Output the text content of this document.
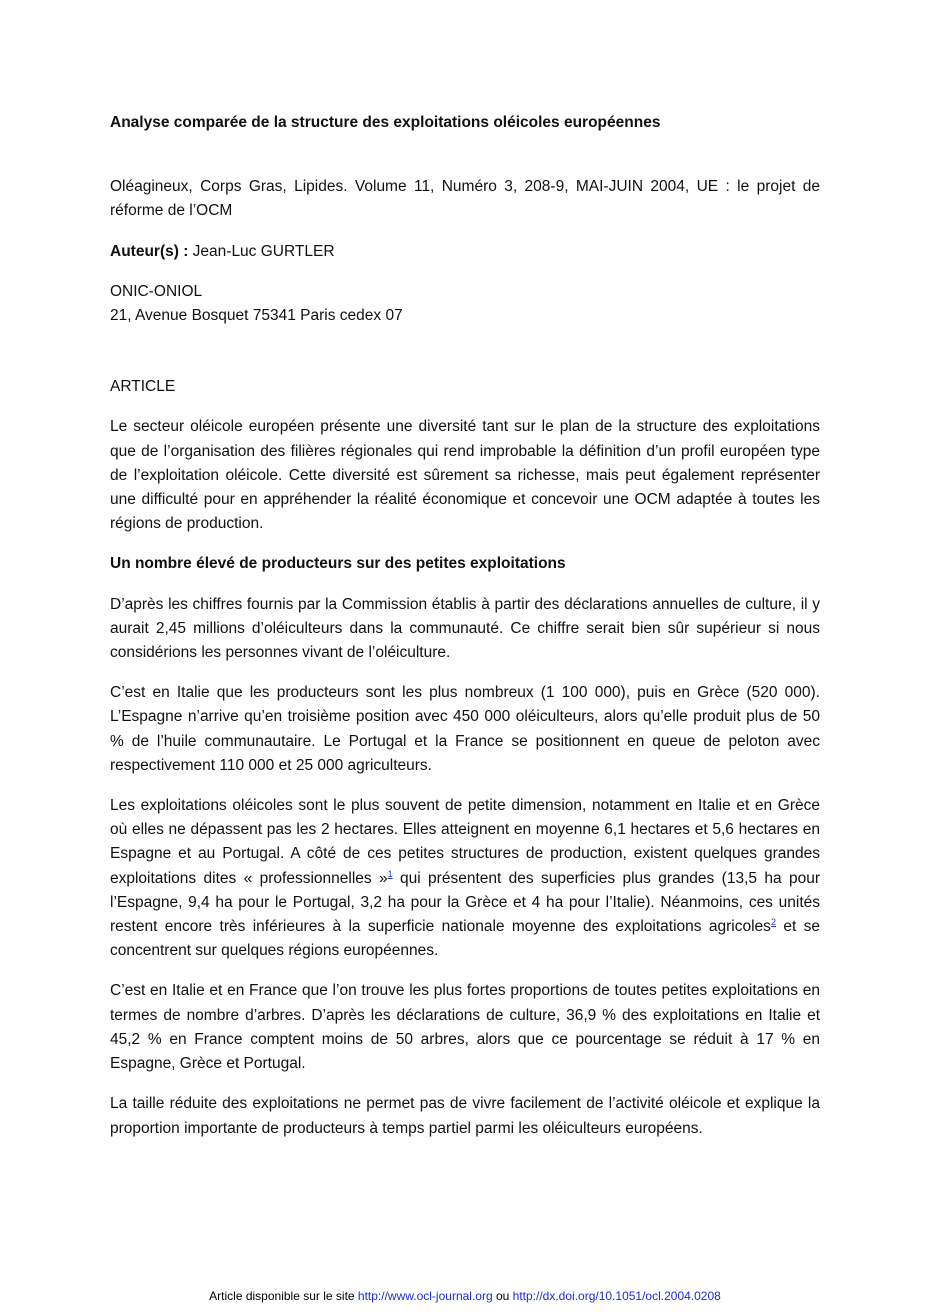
Analyse comparée de la structure des exploitations oléicoles européennes

Oléagineux, Corps Gras, Lipides. Volume 11, Numéro 3, 208-9, MAI-JUIN 2004, UE : le projet de réforme de l’OCM

Auteur(s) : Jean-Luc GURTLER

ONIC-ONIOL

21, Avenue Bosquet 75341 Paris cedex 07

ARTICLE

Le secteur oléicole européen présente une diversité tant sur le plan de la structure des exploitations que de l’organisation des filières régionales qui rend improbable la définition d’un profil européen type de l’exploitation oléicole. Cette diversité est sûrement sa richesse, mais peut également représenter une difficulté pour en appréhender la réalité économique et concevoir une OCM adaptée à toutes les régions de production.

Un nombre élevé de producteurs sur des petites exploitations

D’après les chiffres fournis par la Commission établis à partir des déclarations annuelles de culture, il y aurait 2,45 millions d’oléiculteurs dans la communauté. Ce chiffre serait bien sûr supérieur si nous considérions les personnes vivant de l’oléiculture.

C’est en Italie que les producteurs sont les plus nombreux (1 100 000), puis en Grèce (520 000). L’Espagne n’arrive qu’en troisième position avec 450 000 oléiculteurs, alors qu’elle produit plus de 50 % de l’huile communautaire. Le Portugal et la France se positionnent en queue de peloton avec respectivement 110 000 et 25 000 agriculteurs.

Les exploitations oléicoles sont le plus souvent de petite dimension, notamment en Italie et en Grèce où elles ne dépassent pas les 2 hectares. Elles atteignent en moyenne 6,1 hectares et 5,6 hectares en Espagne et au Portugal. A côté de ces petites structures de production, existent quelques grandes exploitations dites « professionnelles »$^1$ qui présentent des superficies plus grandes (13,5 ha pour l’Espagne, 9,4 ha pour le Portugal, 3,2 ha pour la Grèce et 4 ha pour l’Italie). Néanmoins, ces unités restent encore très inférieures à la superficie nationale moyenne des exploitations agricoles$^2$ et se concentrent sur quelques régions européennes.

C’est en Italie et en France que l’on trouve les plus fortes proportions de toutes petites exploitations en termes de nombre d’arbres. D’après les déclarations de culture, 36,9 % des exploitations en Italie et 45,2 % en France comptent moins de 50 arbres, alors que ce pourcentage se réduit à 17 % en Espagne, Grèce et Portugal.

La taille réduite des exploitations ne permet pas de vivre facilement de l’activité oléicole et explique la proportion importante de producteurs à temps partiel parmi les oléiculteurs européens.

Article disponible sur le site http://www.ocl-journal.org ou http://dx.doi.org/10.1051/ocl.2004.0208
